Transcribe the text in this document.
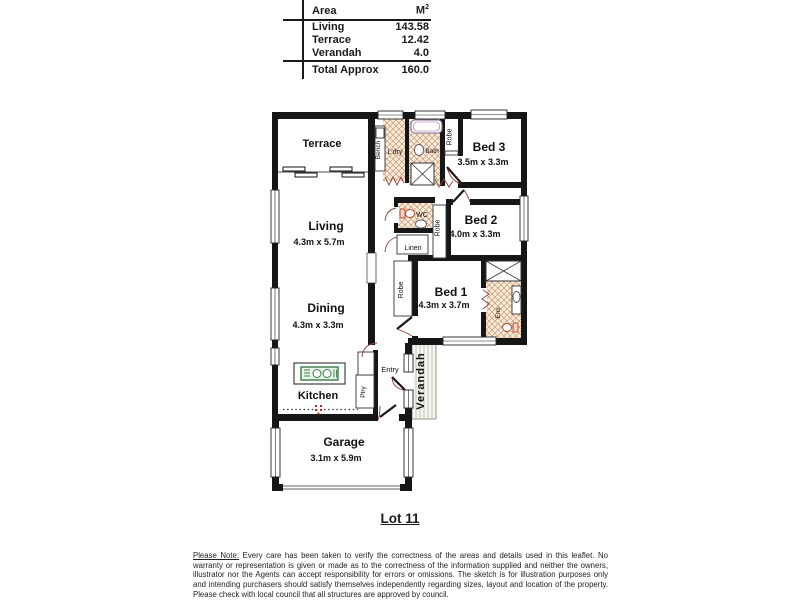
Area	$M^2$
Living	143.58
Terrace	12.42
Verandah	4.0
Total Approx 160.0
Terrace
Living
4.3m x 5.7m
Dining
4.3m x 3.3m
Kitchen
Garage
3.1m x 5.9m
Bed 1
4.3m x 3.7m
Bed 2
4.0m x 3.3m
Bed 3
3.5m x 3.3m
Entry Verandah
L'dry	Bath
WC
Linen
Ens
Ptry
Bench
Robe
Robe
Robe
Lot 11
Please Note: Every care has been taken to verify the correctness of the areas and details used in this leaflet. No warranty or representation is given or made as to the correctness of the information supplied and neither the owners, illustrator nor the Agents can accept responsibility for errors or omissions. The sketch is for illustration purposes only and intending purchasers should satisfy themselves independently regarding sizes, layout and location of the property. Please check with local council that all structures are approved by council.
